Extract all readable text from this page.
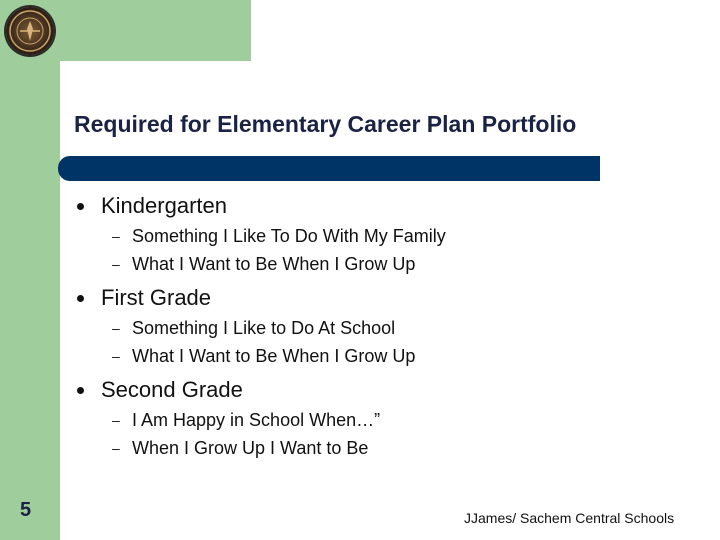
Required for Elementary Career Plan Portfolio
Kindergarten
– Something I Like To Do With My Family
– What I Want to Be When I Grow Up
First Grade
– Something I Like to Do At School
– What I Want to Be When I Grow Up
Second Grade
– I Am Happy in School When…”
– When I Grow Up I Want to Be
5	JJames/ Sachem Central Schools
